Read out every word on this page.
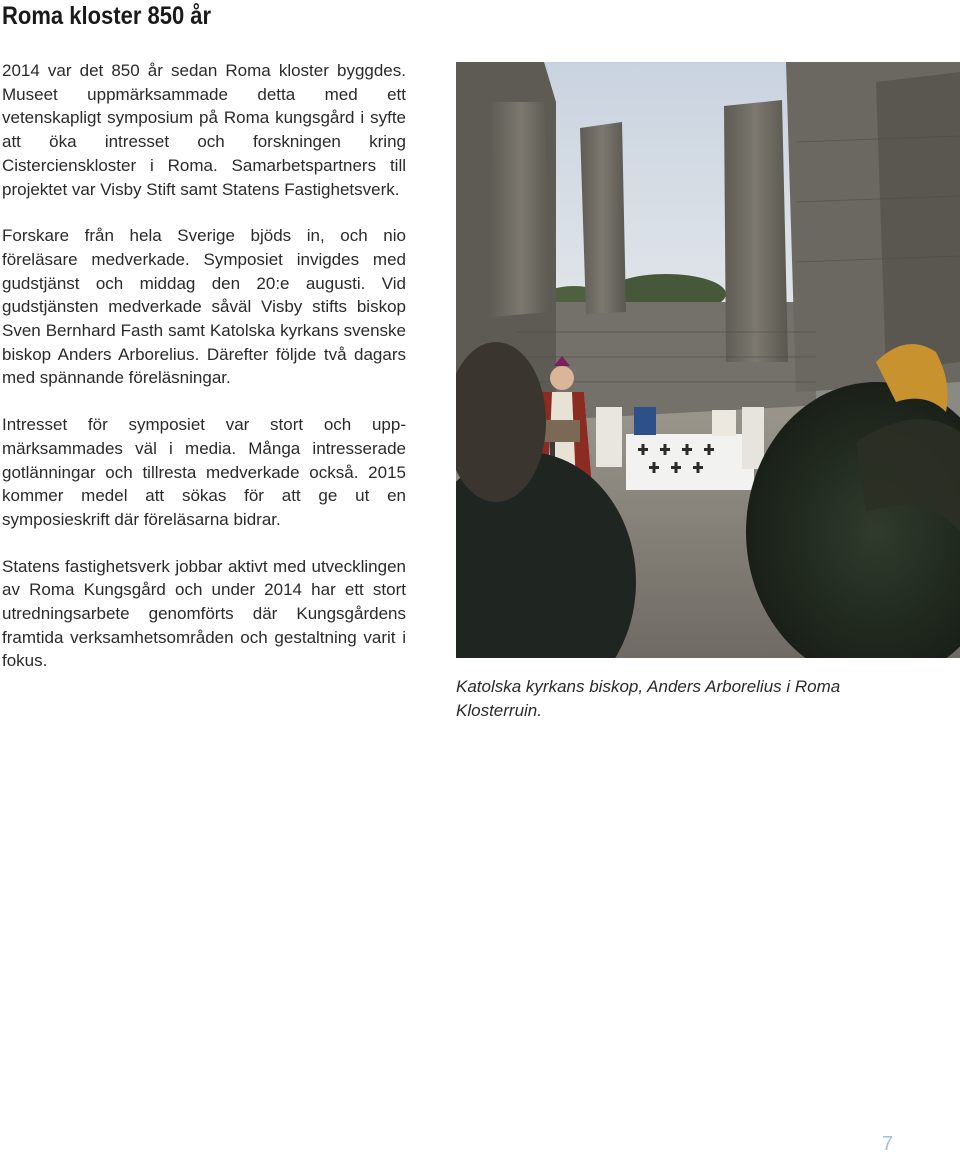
Roma kloster 850 år

2014 var det 850 år sedan Roma kloster byggdes. Museet uppmärksammade detta med ett vetenskapligt symposium på Roma kungsgård i syfte att öka intresset och forskningen kring Cistercienskloster i Roma. Samarbetspartners till projektet var Visby Stift samt Statens Fastighetsverk.

Forskare från hela Sverige bjöds in, och nio föreläsare medverkade. Symposiet invigdes med gudstjänst och middag den 20:e augusti. Vid gudstjänsten medverkade såväl Visby stifts biskop Sven Bernhard Fasth samt Katolska kyrkans svenske biskop Anders Arborelius. Därefter följde två dagars med spännande föreläsningar.

Intresset för symposiet var stort och uppmärksammades väl i media. Många intresserade gotlänningar och tillresta medverkade också. 2015 kommer medel att sökas för att ge ut en symposieskrift där föreläsarna bidrar.

Statens fastighetsverk jobbar aktivt med utvecklingen av Roma Kungsgård och under 2014 har ett stort utredningsarbete genomförts där Kungsgårdens framtida verksamhetsområden och gestaltning varit i fokus.

Katolska kyrkans biskop, Anders Arborelius i Roma Klosterruin.

7
